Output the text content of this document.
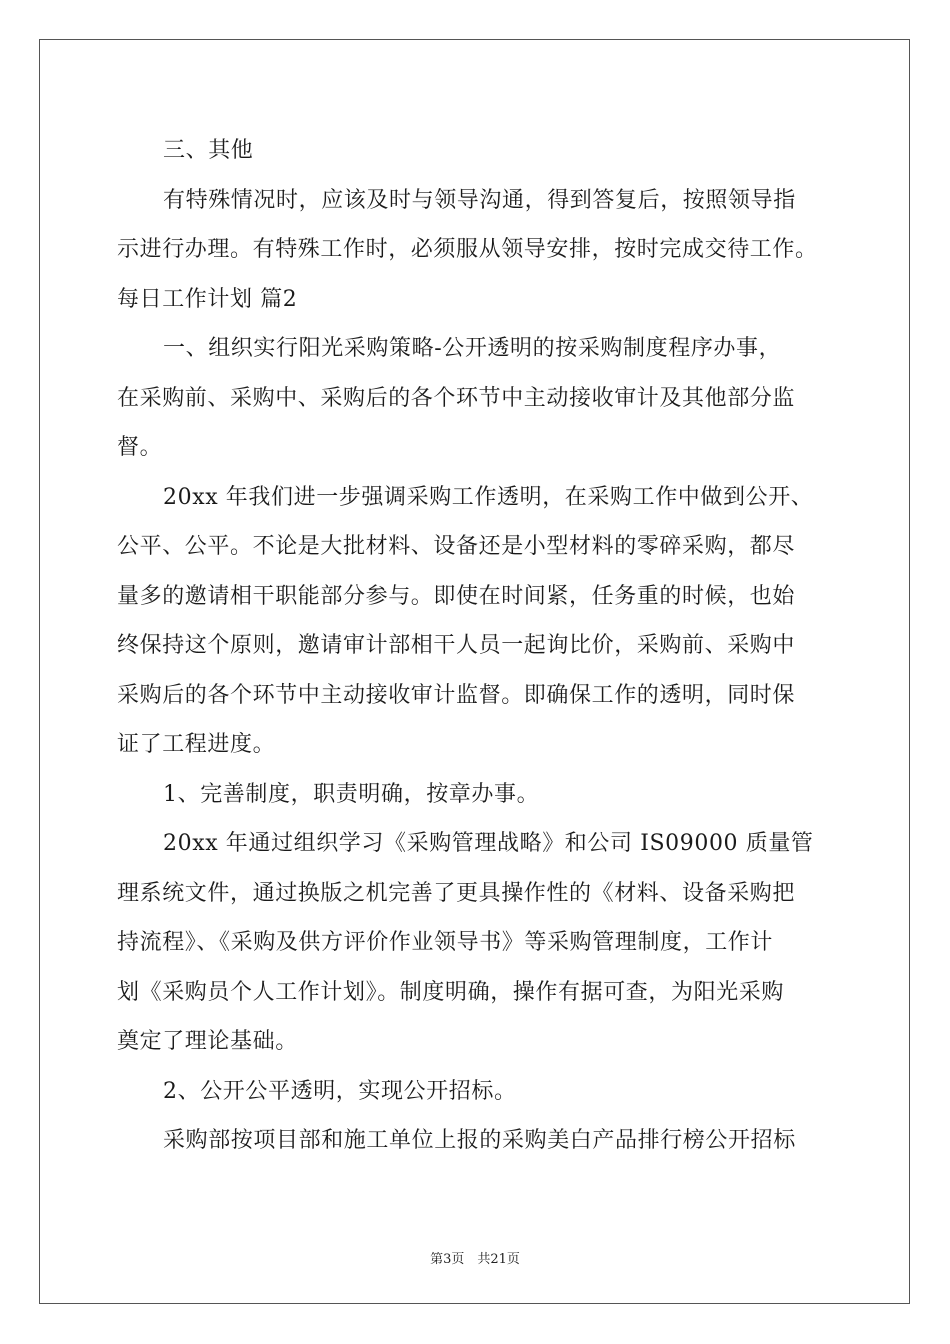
三、其他
有特殊情况时，应该及时与领导沟通，得到答复后，按照领导指
示进行办理。有特殊工作时，必须服从领导安排，按时完成交待工作。
每日工作计划 篇2
一、组织实行阳光采购策略-公开透明的按采购制度程序办事，
在采购前、采购中、采购后的各个环节中主动接收审计及其他部分监
督。
20xx 年我们进一步强调采购工作透明，在采购工作中做到公开、
公平、公平。不论是大批材料、设备还是小型材料的零碎采购，都尽
量多的邀请相干职能部分参与。即使在时间紧，任务重的时候，也始
终保持这个原则，邀请审计部相干人员一起询比价，采购前、采购中
采购后的各个环节中主动接收审计监督。即确保工作的透明，同时保
证了工程进度。
1、完善制度，职责明确，按章办事。
20xx 年通过组织学习《采购管理战略》和公司 IS09000 质量管
理系统文件，通过换版之机完善了更具操作性的《材料、设备采购把
持流程》、《采购及供方评价作业领导书》等采购管理制度，工作计
划《采购员个人工作计划》。制度明确，操作有据可查，为阳光采购
奠定了理论基础。
2、公开公平透明，实现公开招标。
采购部按项目部和施工单位上报的采购美白产品排行榜公开招标
第3页　共21页
